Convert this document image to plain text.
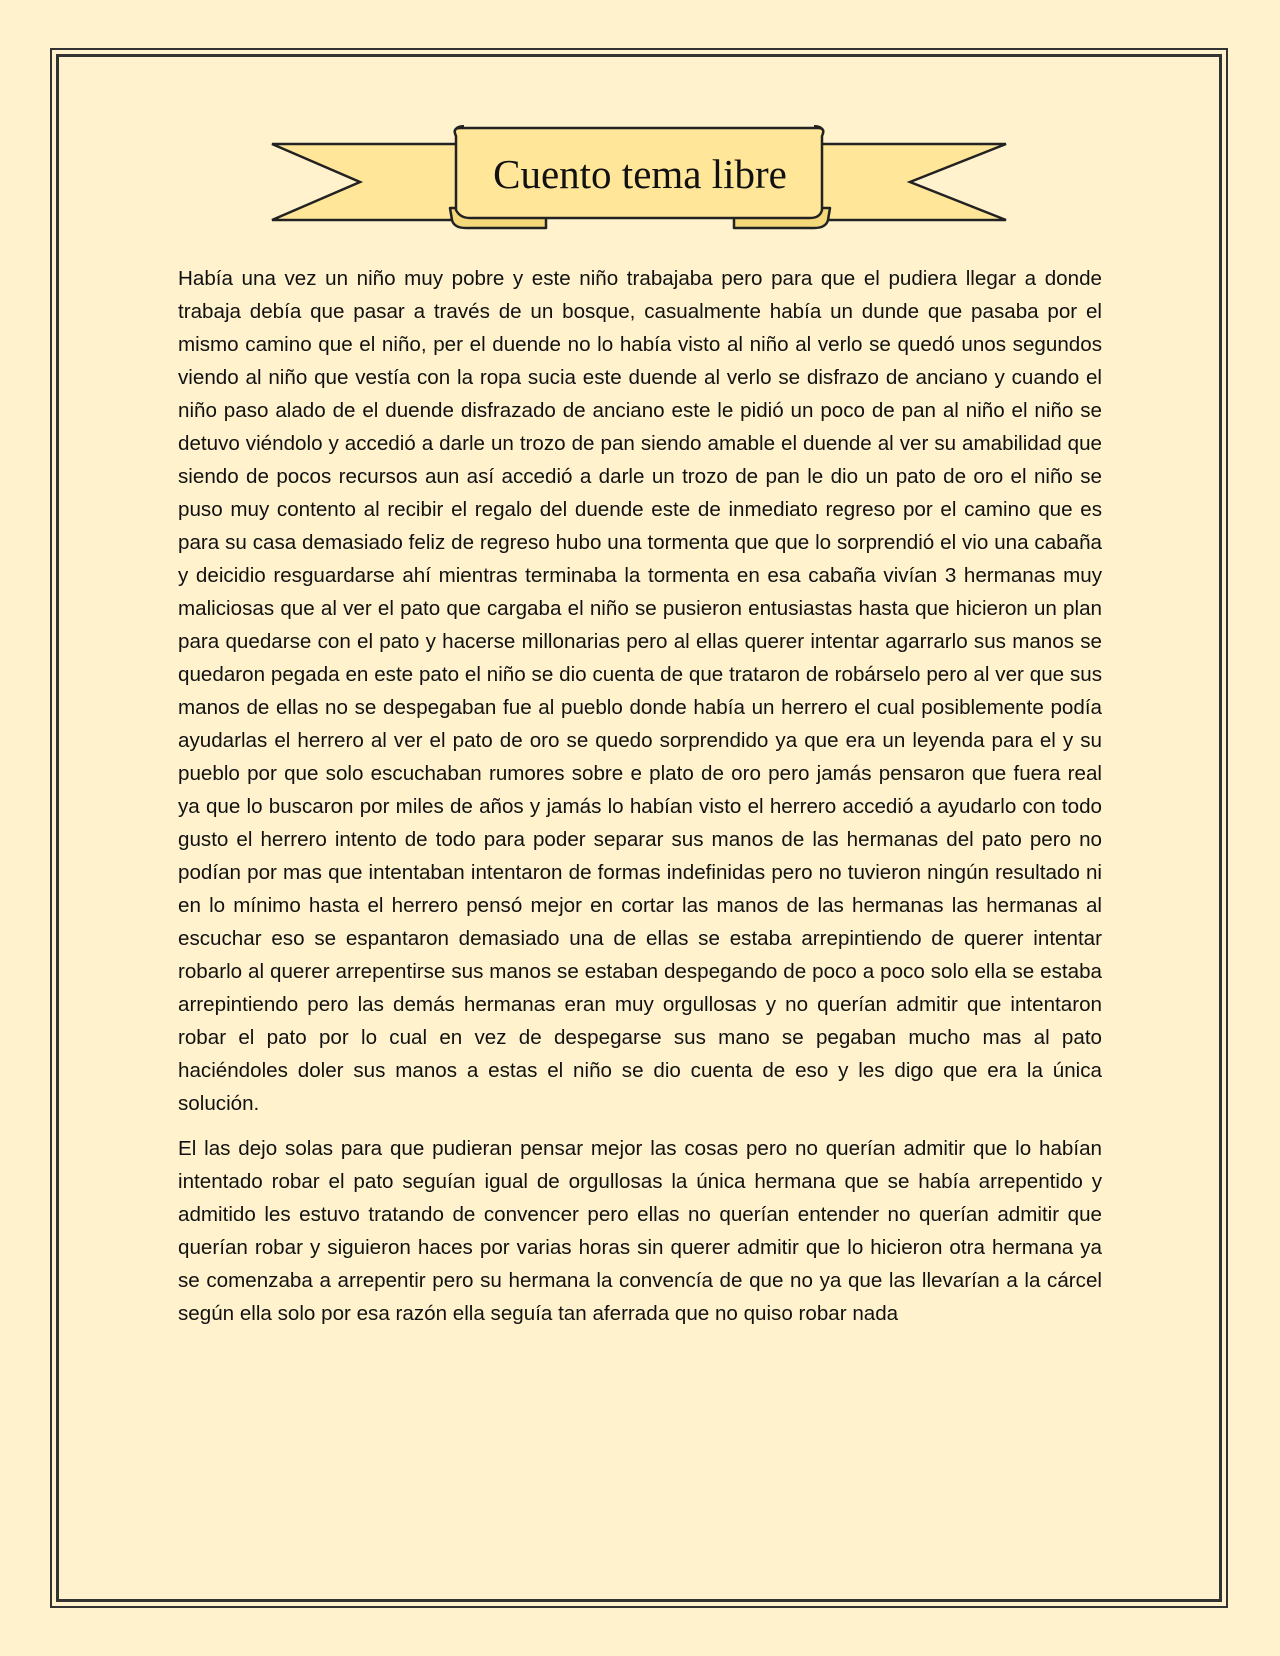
Cuento tema libre

Había una vez un niño muy pobre y este niño trabajaba pero para que el pudiera llegar a donde trabaja debía que pasar a través de un bosque, casualmente había un dunde que pasaba por el mismo camino que el niño, per el duende no lo había visto al niño al verlo se quedó unos segundos viendo al niño que vestía con la ropa sucia este duende al verlo se disfrazo de anciano y cuando el niño paso alado de el duende disfrazado de anciano este le pidió un poco de pan al niño el niño se detuvo viéndolo y accedió a darle un trozo de pan siendo amable el duende al ver su amabilidad que siendo de pocos recursos aun así accedió a darle un trozo de pan le dio un pato de oro el niño se puso muy contento al recibir el regalo del duende este de inmediato regreso por el camino que es para su casa demasiado feliz de regreso hubo una tormenta que que lo sorprendió el vio una cabaña y deicidio resguardarse ahí mientras terminaba la tormenta en esa cabaña vivían 3 hermanas muy maliciosas que al ver el pato que cargaba el niño se pusieron entusiastas hasta que hicieron un plan para quedarse con el pato y hacerse millonarias pero al ellas querer intentar agarrarlo sus manos se quedaron pegada en este pato el niño se dio cuenta de que trataron de robárselo pero al ver que sus manos de ellas no se despegaban fue al pueblo donde había un herrero el cual posiblemente podía ayudarlas el herrero al ver el pato de oro se quedo sorprendido ya que era un leyenda para el y su pueblo por que solo escuchaban rumores sobre e plato de oro pero jamás pensaron que fuera real ya que lo buscaron por miles de años y jamás lo habían visto el herrero accedió a ayudarlo con todo gusto el herrero intento de todo para poder separar sus manos de las hermanas del pato pero no podían por mas que intentaban intentaron de formas indefinidas pero no tuvieron ningún resultado ni en lo mínimo hasta el herrero pensó mejor en cortar las manos de las hermanas las hermanas al escuchar eso se espantaron demasiado una de ellas se estaba arrepintiendo de querer intentar robarlo al querer arrepentirse sus manos se estaban despegando de poco a poco solo ella se estaba arrepintiendo pero las demás hermanas eran muy orgullosas y no querían admitir que intentaron robar el pato por lo cual en vez de despegarse sus mano se pegaban mucho mas al pato haciéndoles doler sus manos a estas el niño se dio cuenta de eso y les digo que era la única solución.

El las dejo solas para que pudieran pensar mejor las cosas pero no querían admitir que lo habían intentado robar el pato seguían igual de orgullosas la única hermana que se había arrepentido y admitido les estuvo tratando de convencer pero ellas no querían entender no querían admitir que querían robar y siguieron haces por varias horas sin querer admitir que lo hicieron otra hermana ya se comenzaba a arrepentir pero su hermana la convencía de que no ya que las llevarían a la cárcel según ella solo por esa razón ella seguía tan aferrada que no quiso robar nada
